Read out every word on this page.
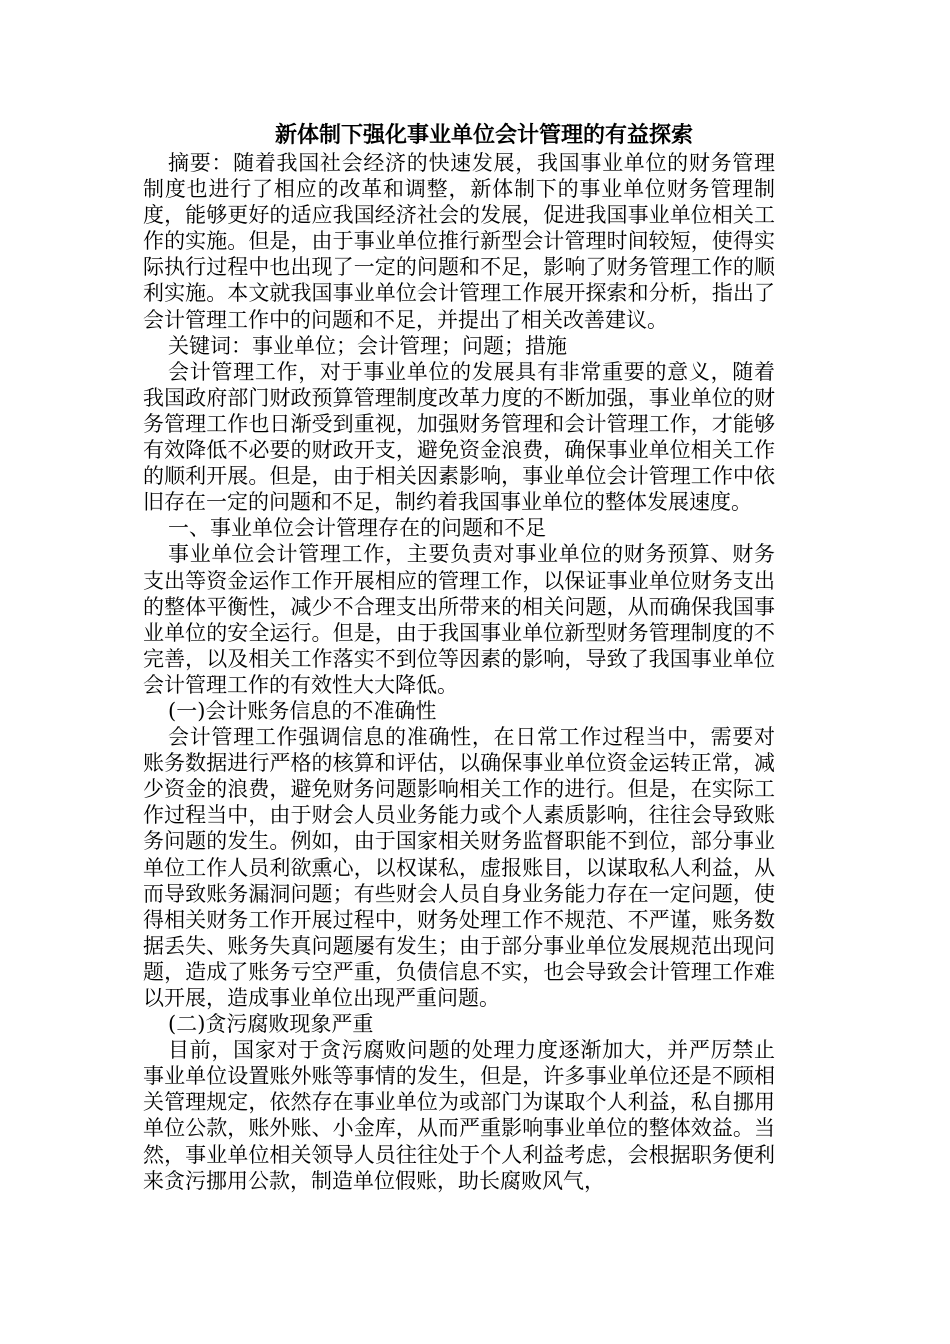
新体制下强化事业单位会计管理的有益探索

摘要：随着我国社会经济的快速发展，我国事业单位的财务管理制度也进行了相应的改革和调整，新体制下的事业单位财务管理制度，能够更好的适应我国经济社会的发展，促进我国事业单位相关工作的实施。但是，由于事业单位推行新型会计管理时间较短，使得实际执行过程中也出现了一定的问题和不足，影响了财务管理工作的顺利实施。本文就我国事业单位会计管理工作展开探索和分析，指出了会计管理工作中的问题和不足，并提出了相关改善建议。

关键词：事业单位；会计管理；问题；措施

会计管理工作，对于事业单位的发展具有非常重要的意义，随着我国政府部门财政预算管理制度改革力度的不断加强，事业单位的财务管理工作也日渐受到重视，加强财务管理和会计管理工作，才能够有效降低不必要的财政开支，避免资金浪费，确保事业单位相关工作的顺利开展。但是，由于相关因素影响，事业单位会计管理工作中依旧存在一定的问题和不足，制约着我国事业单位的整体发展速度。

一、事业单位会计管理存在的问题和不足

事业单位会计管理工作，主要负责对事业单位的财务预算、财务支出等资金运作工作开展相应的管理工作，以保证事业单位财务支出的整体平衡性，减少不合理支出所带来的相关问题，从而确保我国事业单位的安全运行。但是，由于我国事业单位新型财务管理制度的不完善，以及相关工作落实不到位等因素的影响，导致了我国事业单位会计管理工作的有效性大大降低。

(一)会计账务信息的不准确性

会计管理工作强调信息的准确性，在日常工作过程当中，需要对账务数据进行严格的核算和评估，以确保事业单位资金运转正常，减少资金的浪费，避免财务问题影响相关工作的进行。但是，在实际工作过程当中，由于财会人员业务能力或个人素质影响，往往会导致账务问题的发生。例如，由于国家相关财务监督职能不到位，部分事业单位工作人员利欲熏心，以权谋私，虚报账目，以谋取私人利益，从而导致账务漏洞问题；有些财会人员自身业务能力存在一定问题，使得相关财务工作开展过程中，财务处理工作不规范、不严谨，账务数据丢失、账务失真问题屡有发生；由于部分事业单位发展规范出现问题，造成了账务亏空严重，负债信息不实，也会导致会计管理工作难以开展，造成事业单位出现严重问题。

(二)贪污腐败现象严重

目前，国家对于贪污腐败问题的处理力度逐渐加大，并严厉禁止事业单位设置账外账等事情的发生，但是，许多事业单位还是不顾相关管理规定，依然存在事业单位为或部门为谋取个人利益，私自挪用单位公款，账外账、小金库，从而严重影响事业单位的整体效益。当然，事业单位相关领导人员往往处于个人利益考虑，会根据职务便利来贪污挪用公款，制造单位假账，助长腐败风气，
